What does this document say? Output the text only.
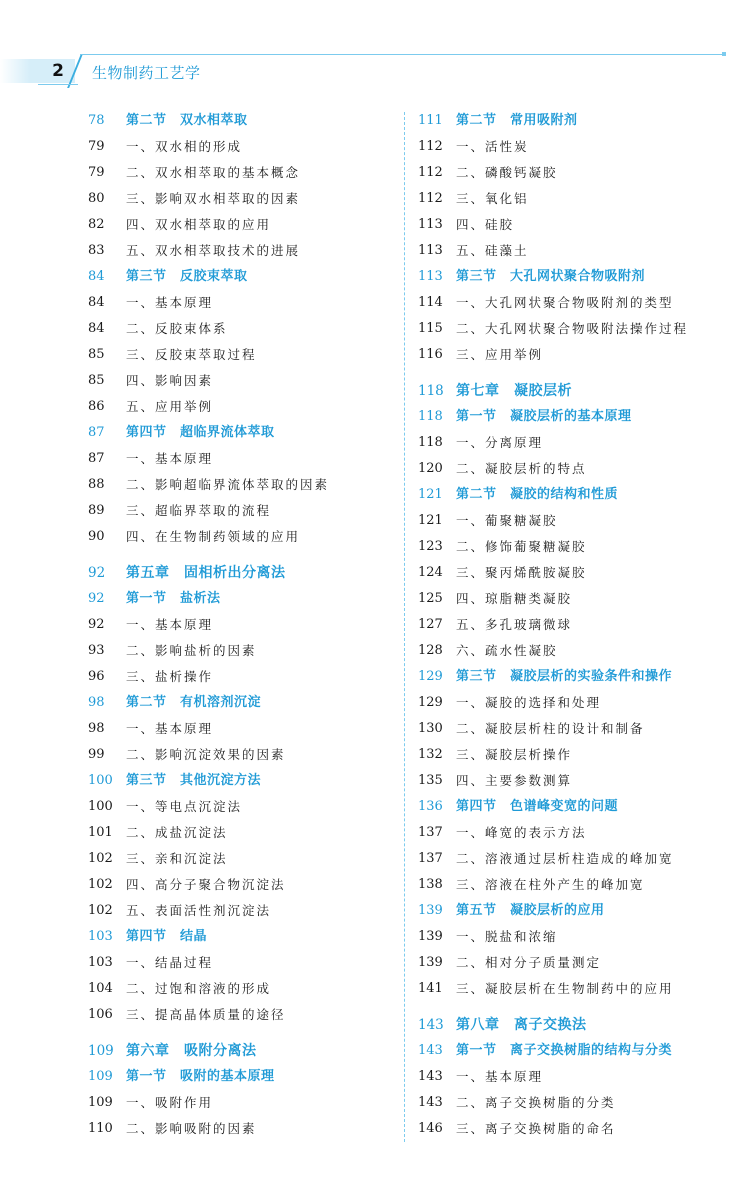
2	生物制药工艺学
78	第二节　双水相萃取
79	一、双水相的形成
79	二、双水相萃取的基本概念
80	三、影响双水相萃取的因素
82	四、双水相萃取的应用
83	五、双水相萃取技术的进展
84	第三节　反胶束萃取
84	一、基本原理
84	二、反胶束体系
85	三、反胶束萃取过程
85	四、影响因素
86	五、应用举例
87	第四节　超临界流体萃取
87	一、基本原理
88	二、影响超临界流体萃取的因素
89	三、超临界萃取的流程
90	四、在生物制药领域的应用
92	第五章　固相析出分离法
92	第一节　盐析法
92	一、基本原理
93	二、影响盐析的因素
96	三、盐析操作
98	第二节　有机溶剂沉淀
98	一、基本原理
99	二、影响沉淀效果的因素
100	第三节　其他沉淀方法
100	一、等电点沉淀法
101	二、成盐沉淀法
102	三、亲和沉淀法
102	四、高分子聚合物沉淀法
102	五、表面活性剂沉淀法
103	第四节　结晶
103	一、结晶过程
104	二、过饱和溶液的形成
106	三、提高晶体质量的途径
109 第六章　吸附分离法
109	第一节　吸附的基本原理
109	一、吸附作用
110	二、影响吸附的因素
111	第二节　常用吸附剂
112	一、活性炭
112	二、磷酸钙凝胶
112	三、氧化铝
113	四、硅胶
113	五、硅藻土
113	第三节　大孔网状聚合物吸附剂
114	一、大孔网状聚合物吸附剂的类型
115	二、大孔网状聚合物吸附法操作过程
116	三、应用举例
118 第七章　凝胶层析
118	第一节　凝胶层析的基本原理
118	一、分离原理
120	二、凝胶层析的特点
121	第二节　凝胶的结构和性质
121	一、葡聚糖凝胶
123	二、修饰葡聚糖凝胶
124	三、聚丙烯酰胺凝胶
125	四、琼脂糖类凝胶
127	五、多孔玻璃微球
128	六、疏水性凝胶
129	第三节　凝胶层析的实验条件和操作
129	一、凝胶的选择和处理
130	二、凝胶层析柱的设计和制备
132	三、凝胶层析操作
135	四、主要参数测算
136	第四节　色谱峰变宽的问题
137	一、峰宽的表示方法
137	二、溶液通过层析柱造成的峰加宽
138	三、溶液在柱外产生的峰加宽
139	第五节　凝胶层析的应用
139	一、脱盐和浓缩
139	二、相对分子质量测定
141	三、凝胶层析在生物制药中的应用
143 第八章　离子交换法
143	第一节　离子交换树脂的结构与分类
143	一、基本原理
143	二、离子交换树脂的分类
146	三、离子交换树脂的命名
